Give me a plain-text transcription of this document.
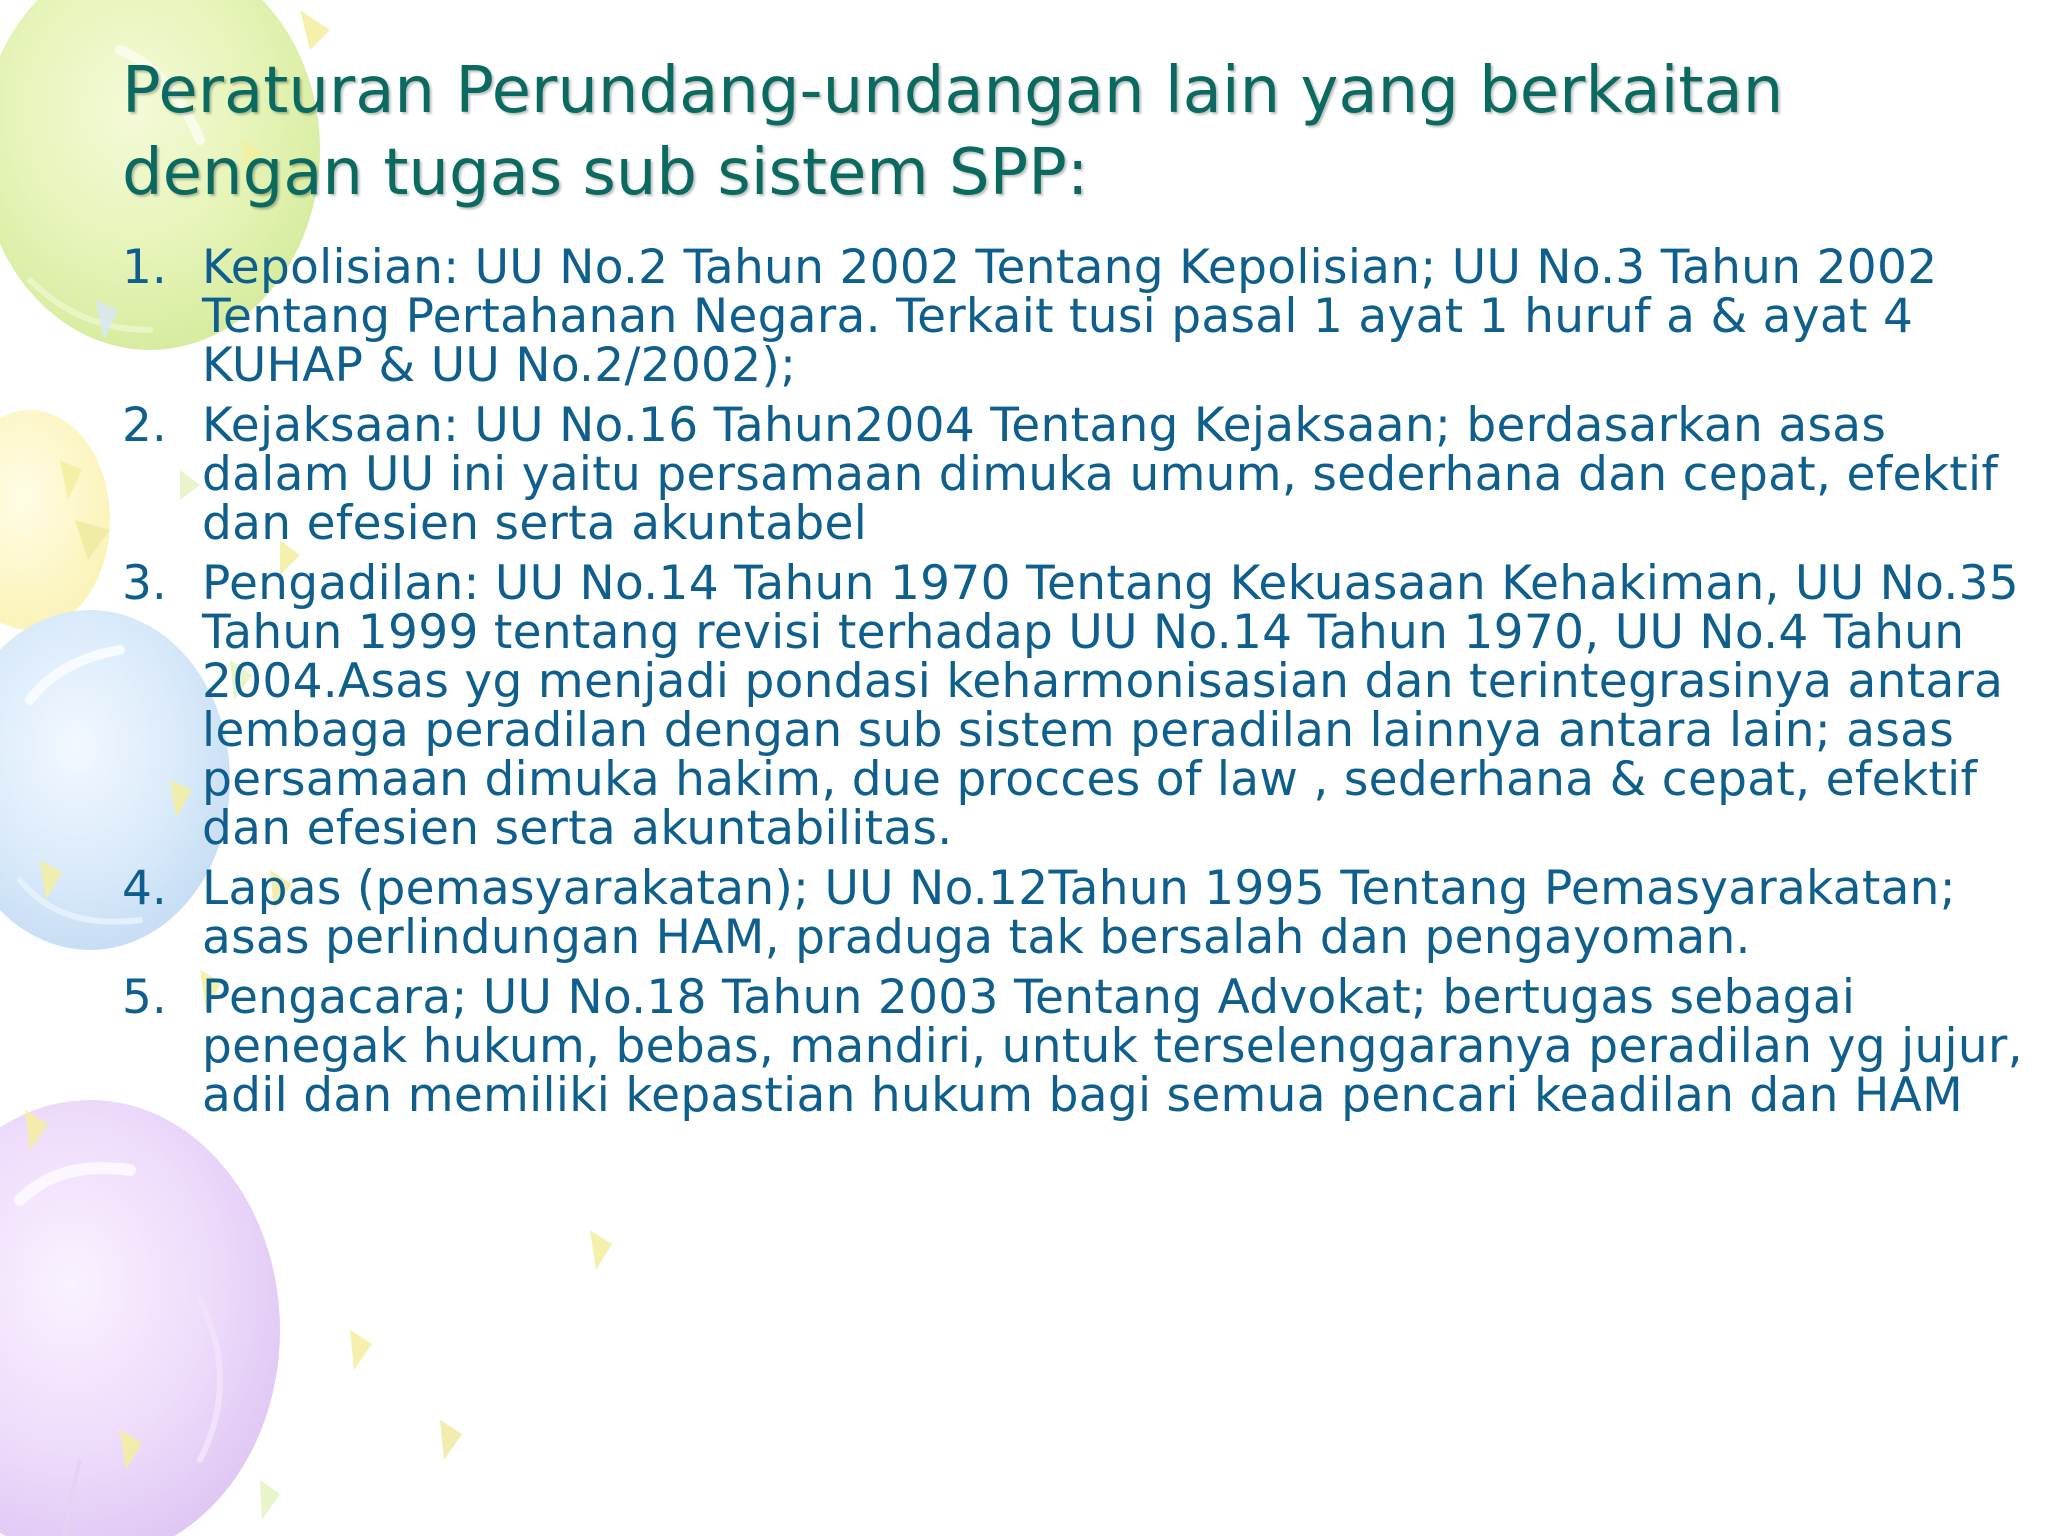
Peraturan Perundang-undangan lain yang berkaitan dengan tugas sub sistem SPP:
1. Kepolisian: UU No.2 Tahun 2002 Tentang Kepolisian; UU No.3 Tahun 2002 Tentang Pertahanan Negara. Terkait tusi pasal 1 ayat 1 huruf a & ayat 4 KUHAP & UU No.2/2002);
2. Kejaksaan: UU No.16 Tahun2004 Tentang Kejaksaan; berdasarkan asas dalam UU ini yaitu persamaan dimuka umum, sederhana dan cepat, efektif dan efesien serta akuntabel
3. Pengadilan: UU No.14 Tahun 1970 Tentang Kekuasaan Kehakiman, UU No.35 Tahun 1999 tentang revisi terhadap UU No.14 Tahun 1970, UU No.4 Tahun 2004.Asas yg menjadi pondasi keharmonisasian dan terintegrasinya antara lembaga peradilan dengan sub sistem peradilan lainnya antara lain; asas persamaan dimuka hakim, due procces of law , sederhana & cepat, efektif dan efesien serta akuntabilitas.
4. Lapas (pemasyarakatan); UU No.12Tahun 1995 Tentang Pemasyarakatan; asas perlindungan HAM, praduga tak bersalah dan pengayoman.
5. Pengacara; UU No.18 Tahun 2003 Tentang Advokat; bertugas sebagai penegak hukum, bebas, mandiri, untuk terselenggaranya peradilan yg jujur, adil dan memiliki kepastian hukum bagi semua pencari keadilan dan HAM
